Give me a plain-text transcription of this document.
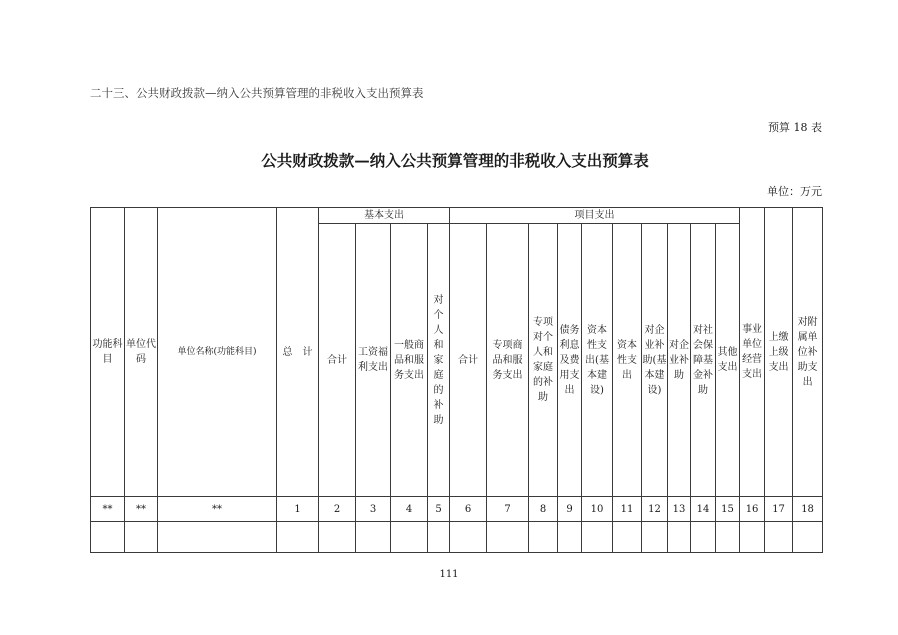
二十三、公共财政拨款—纳入公共预算管理的非税收入支出预算表
预算 18 表
公共财政拨款—纳入公共预算管理的非税收入支出预算表
单位：万元
功能科目	单位代码	单位名称(功能科目)	总　计	基本支出				项目支出										事业单位经营支出	上缴上级支出	对附属单位补助支出
				合计	工资福利支出	一般商品和服务支出	对个人和家庭的补助	合计	专项商品和服务支出	专项对个人和家庭的补助	债务利息及费用支出	资本性支出(基本建设)	资本性支出	对企业补助(基本建设)	对企业补助	对社会保障基金补助	其他支出			
**	**	**	1	2	3	4	5	6	7	8	9	10	11	12	13	14	15	16	17	18

111
